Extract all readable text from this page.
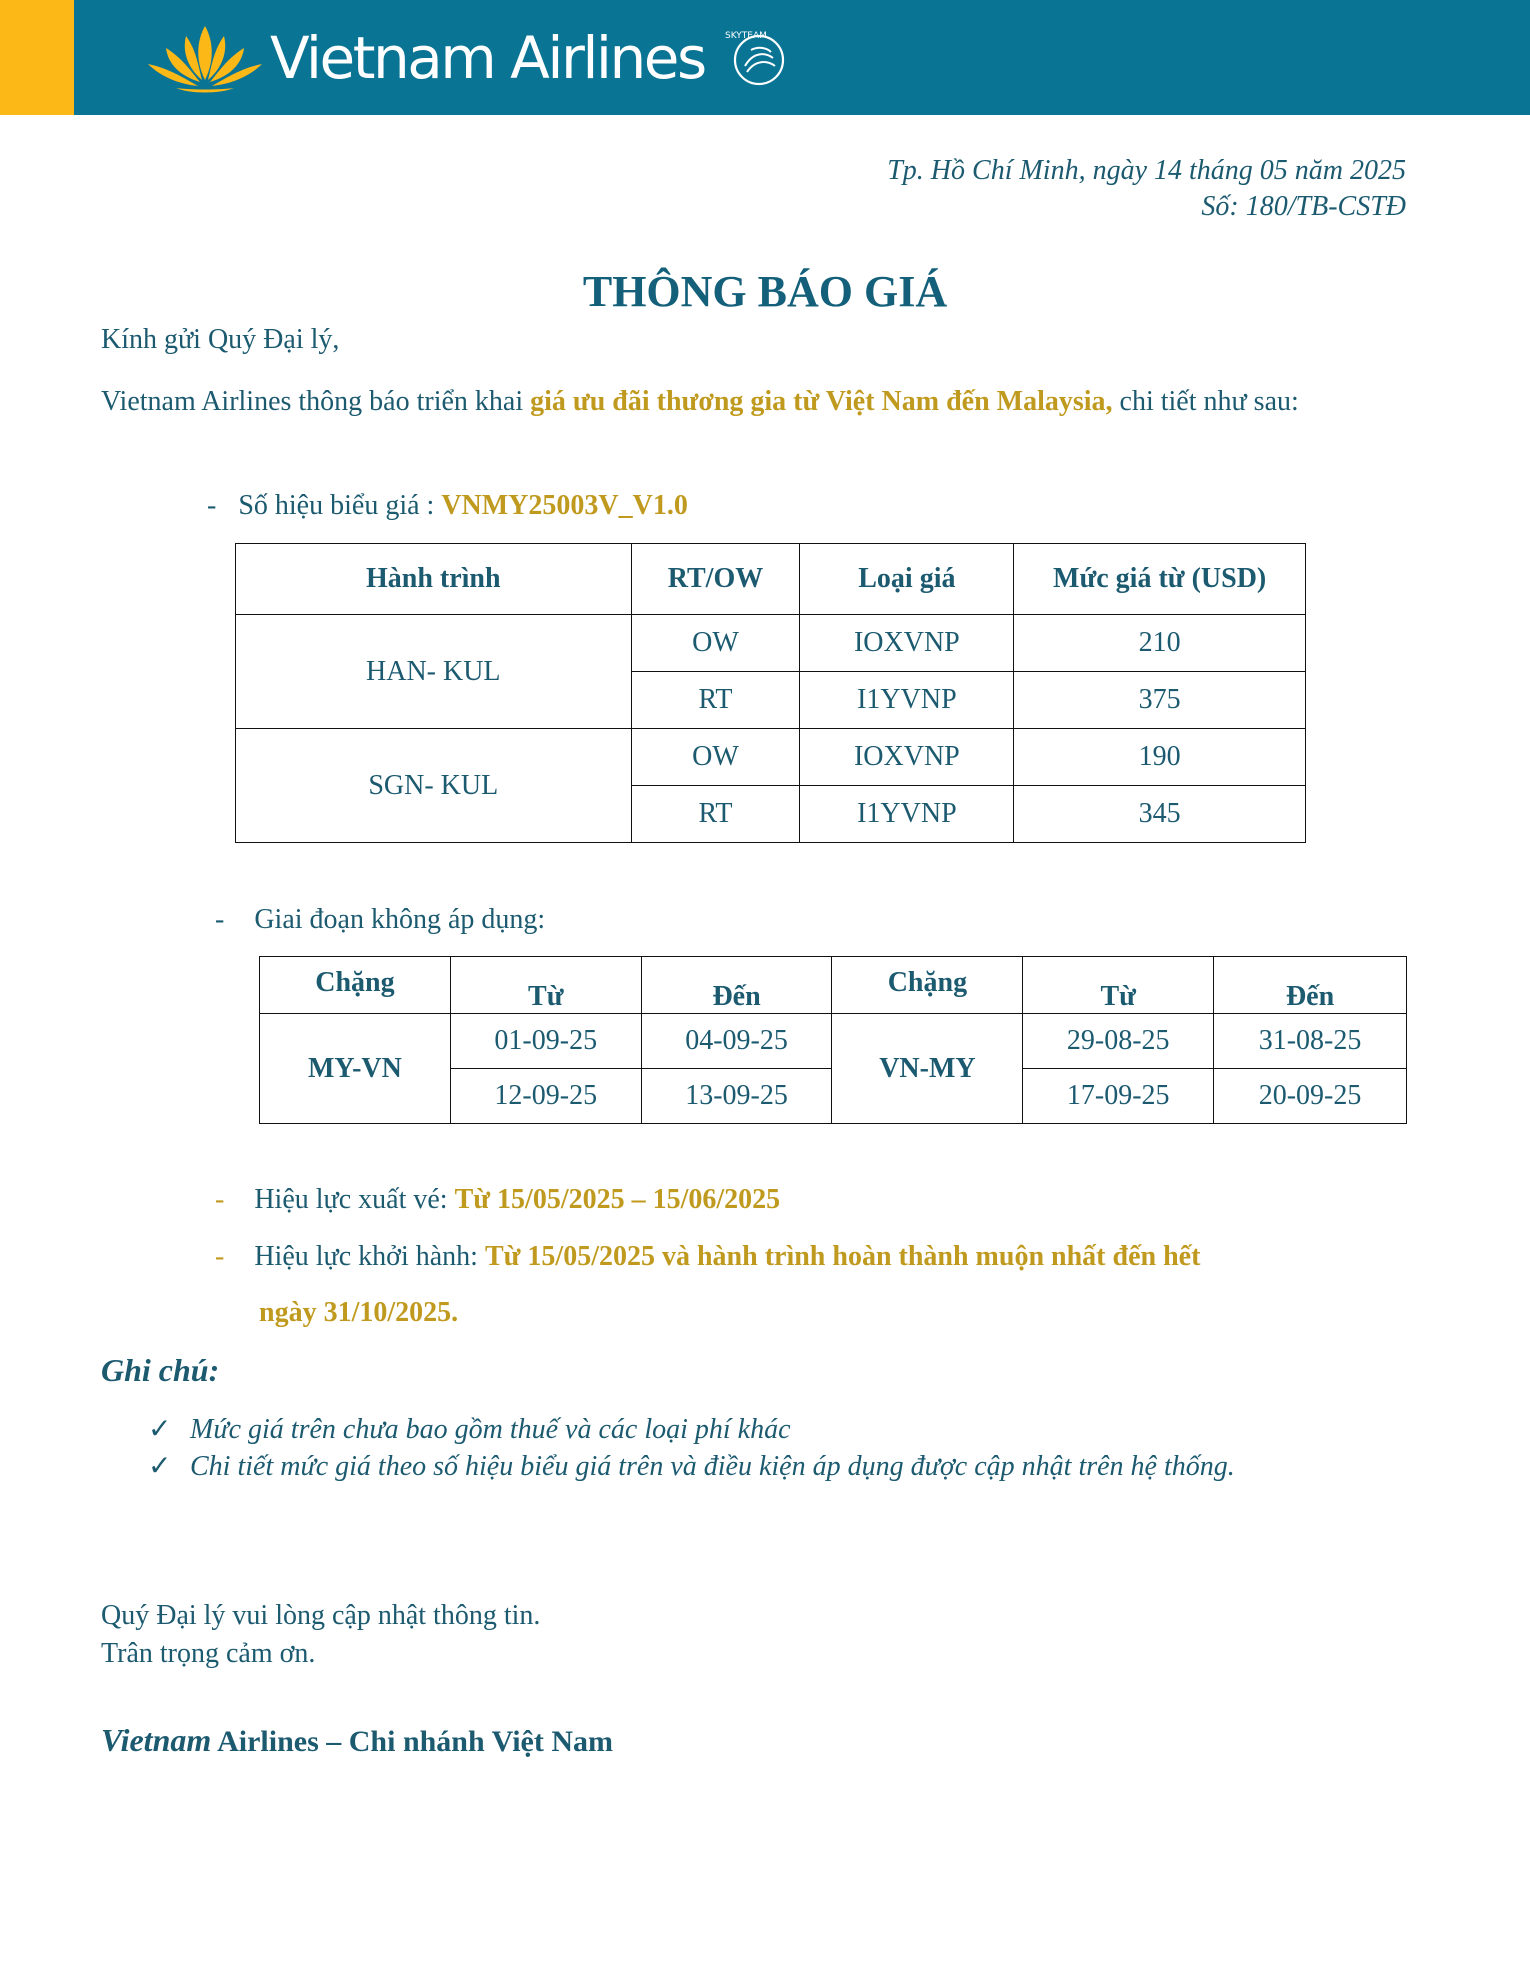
Vietnam Airlines SKYTEAM
Tp. Hồ Chí Minh, ngày 14 tháng 05 năm 2025
Số: 180/TB-CSTĐ
THÔNG BÁO GIÁ
Kính gửi Quý Đại lý,
Vietnam Airlines thông báo triển khai giá ưu đãi thương gia từ Việt Nam đến Malaysia, chi tiết như sau:
- Số hiệu biểu giá : VNMY25003V_V1.0
Hành trình	RT/OW	Loại giá	Mức giá từ (USD)
HAN- KUL	OW	IOXVNP	210
	RT	I1YVNP	375
SGN- KUL	OW	IOXVNP	190
	RT	I1YVNP	345
- Giai đoạn không áp dụng:
Chặng	Từ	Đến	Chặng	Từ	Đến
MY-VN	01-09-25	04-09-25	VN-MY	29-08-25	31-08-25
	12-09-25	13-09-25		17-09-25	20-09-25
- Hiệu lực xuất vé: Từ 15/05/2025 – 15/06/2025
- Hiệu lực khởi hành: Từ 15/05/2025 và hành trình hoàn thành muộn nhất đến hết
ngày 31/10/2025.
Ghi chú:
✓ Mức giá trên chưa bao gồm thuế và các loại phí khác
✓ Chi tiết mức giá theo số hiệu biểu giá trên và điều kiện áp dụng được cập nhật trên hệ thống.
Quý Đại lý vui lòng cập nhật thông tin.
Trân trọng cảm ơn.
Vietnam Airlines – Chi nhánh Việt Nam
